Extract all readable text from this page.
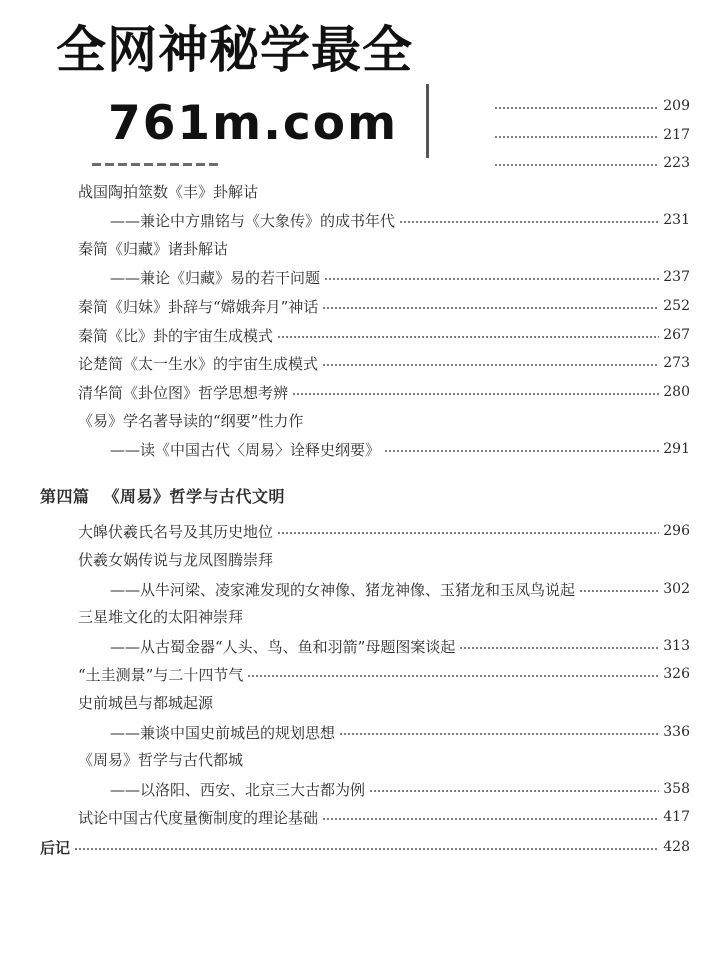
全网神秘学最全
761m.com	209
217
223
战国陶拍筮数《丰》卦解诂
——兼论中方鼎铭与《大象传》的成书年代	231
秦简《归藏》诸卦解诂
——兼论《归藏》易的若干问题	237
秦简《归妹》卦辞与“嫦娥奔月”神话	252
秦简《比》卦的宇宙生成模式	267
论楚简《太一生水》的宇宙生成模式	273
清华简《卦位图》哲学思想考辨	280
《易》学名著导读的“纲要”性力作
——读《中国古代〈周易〉诠释史纲要》	291
第四篇 《周易》哲学与古代文明
大皞伏羲氏名号及其历史地位	296
伏羲女娲传说与龙凤图腾崇拜
——从牛河梁、凌家滩发现的女神像、猪龙神像、玉猪龙和玉凤鸟说起	302
三星堆文化的太阳神崇拜
——从古蜀金器“人头、鸟、鱼和羽箭”母题图案谈起	313
“土圭测景”与二十四节气	326
史前城邑与都城起源
——兼谈中国史前城邑的规划思想	336
《周易》哲学与古代都城
——以洛阳、西安、北京三大古都为例	358
试论中国古代度量衡制度的理论基础	417
后记	428
